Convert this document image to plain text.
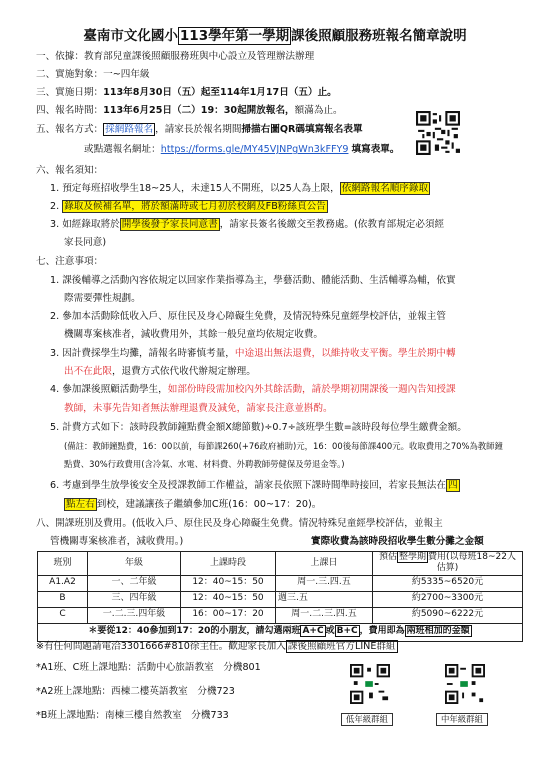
臺南市文化國小 113學年第一學期 課後照顧服務班報名簡章說明
一、依據：教育部兒童課後照顧服務班與中心設立及管理辦法辦理
二、實施對象：一~四年級
三、實施日期：113年8月30日（五）起至114年1月17日（五）止。
四、報名時間：113年6月25日（二）19：30起開放報名，額滿為止。
五、報名方式： 採網路報名 ，請家長於報名期間掃描右圖QR碼填寫報名表單
或點選報名網址：https://forms.gle/MY45VJNPgWn3kFFY9 填寫表單。
六、報名須知：
1. 預定每班招收學生18~25人，未達15人不開班，以25人為上限， 依網路報名順序錄取
2. 錄取及候補名單，將於額滿時或七月初於校網及FB粉絲頁公告
3. 如經錄取將於 開學後發予家長同意書 ，請家長簽名後繳交至教務處。(依教育部規定必須經
家長同意)
七、注意事項：
1. 課後輔導之活動內容依規定以回家作業指導為主，學藝活動、體能活動、生活輔導為輔，依實
際需要彈性規劃。
2. 參加本活動除低收入戶、原住民及身心障礙生免費，及情況特殊兒童經學校評估，並報主管
機關專案核准者，減收費用外，其餘一般兒童均依規定收費。
3. 因計費採學生均攤，請報名時審慎考量，中途退出無法退費，以維持收支平衡。學生於期中轉
出不在此限，退費方式依代收代辦規定辦理。
4. 參加課後照顧活動學生，如部份時段需加校內外其餘活動，請於學期初開課後一週內告知授課
教師，未事先告知者無法辦理退費及減免，請家長注意並斟酌。
5. 計費方式如下：該時段教師鐘點費金額X總節數)÷0.7÷該班學生數=該時段每位學生繳費金額。
(備註：教師鐘點費，16：00以前，每節課260(+76政府補助)元，16：00後每節課400元。收取費用之70%為教師鐘
點費、30%行政費用(含冷氣、水電、材料費、外聘教師勞健保及勞退金等。)
6. 考慮到學生放學後安全及授課教師工作權益，請家長依照下課時間準時接回，若家長無法在 四
點左右 到校，建議讓孩子繼續參加C班(16：00~17：20)。
八、開課班別及費用。(低收入戶、原住民及身心障礙生免費。情況特殊兒童經學校評估，並報主
管機關專案核准者，減收費用。)	實際收費為該時段招收學生數分攤之金額
班別	年級	上課時段	上課日	預估 整學期 費用(以每班18~22人估算)
A1.A2	一、二年級	12：40~15：50	周一.三.四.五	約5335~6520元
B	三、四年級	12：40~15：50	週三.五	約2700~3300元
C	一.二.三.四年級	16：00~17：20	周一.二.三.四.五	約5090~6222元
＊要從12：40參加到17：20的小朋友，請勾選兩班 A+C 或 B+C ，費用即為 兩班相加的金額				
※有任何問題請電洽3301666#810徐主任。歡迎家長加入 課後照顧班官方LINE群組
*A1班、C班上課地點：活動中心旅語教室　分機801
*A2班上課地點：西棟二樓英語教室　分機723
*B班上課地點：南棟三樓自然教室　分機733	低年級群組	中年級群組
